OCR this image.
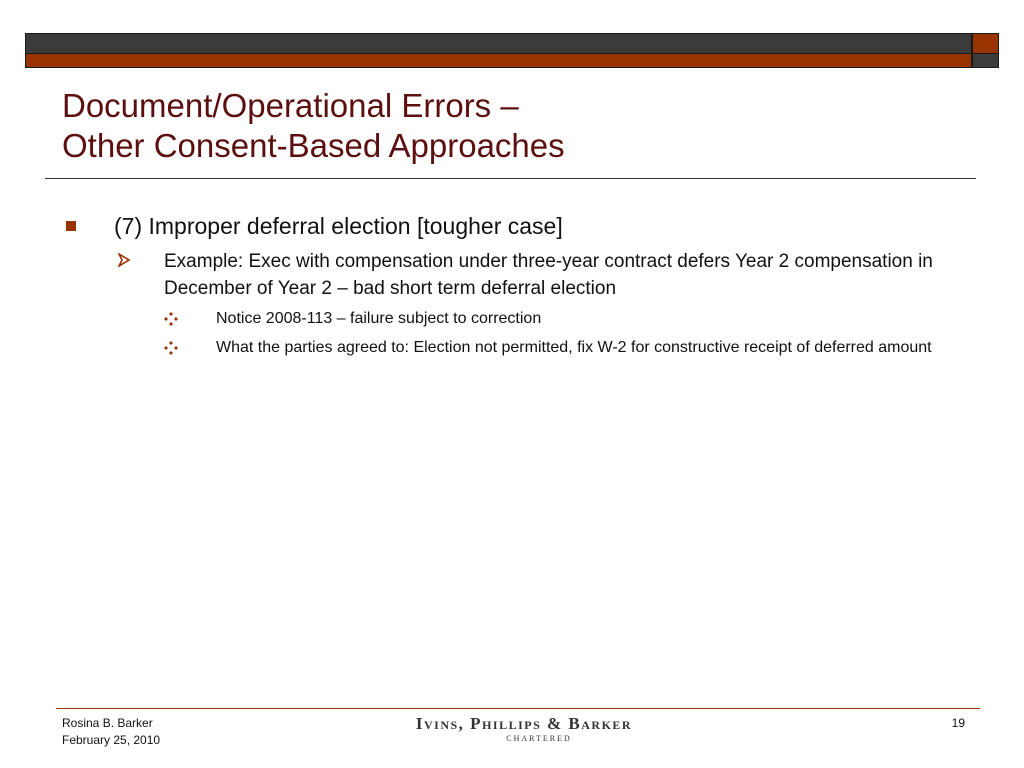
Document/Operational Errors –
Other Consent-Based Approaches
(7) Improper deferral election [tougher case]
Example: Exec with compensation under three-year contract defers Year 2 compensation in December of Year 2 – bad short term deferral election
Notice 2008-113 – failure subject to correction
What the parties agreed to: Election not permitted, fix W-2 for constructive receipt of deferred amount
Rosina B. Barker
February 25, 2010
Ivins, Phillips & Barker
CHARTERED
19
